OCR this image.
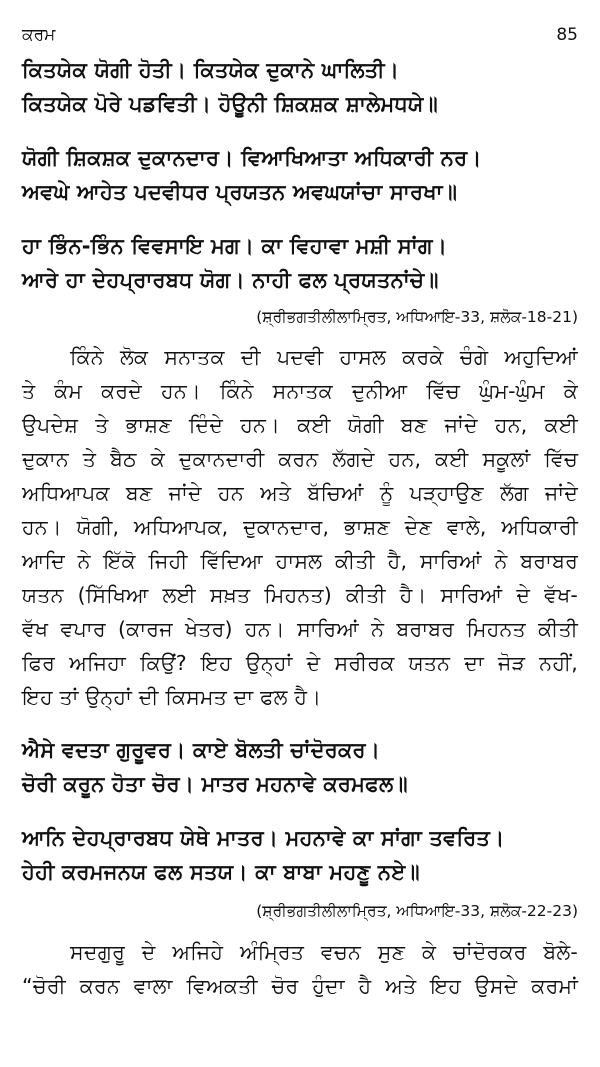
ਕਰਮ	85
ਕਿਤਯੇਕ ਯੋਗੀ ਹੋਤੀ। ਕਿਤਯੇਕ ਦੁਕਾਨੇ ਘਾਲਿਤੀ।
ਕਿਤਯੇਕ ਪੋਰੇ ਪਡਵਿਤੀ। ਹੋਊਨੀ ਸ਼ਿਕਸ਼ਕ ਸ਼ਾਲੇਮਧਯੇ॥
ਯੋਗੀ ਸ਼ਿਕਸ਼ਕ ਦੁਕਾਨਦਾਰ। ਵਿਆਖਿਆਤਾ ਅਧਿਕਾਰੀ ਨਰ।
ਅਵਘੇ ਆਹੇਤ ਪਦਵੀਧਰ ਪ੍ਰਯਤਨ ਅਵਘਯਾਂਚਾ ਸਾਰਖਾ॥
ਹਾ ਭਿੰਨ-ਭਿੰਨ ਵਿਵਸਾਇ ਮਗ। ਕਾ ਵਿਹਾਵਾ ਮਸ਼ੀ ਸਾਂਗ।
ਆਰੇ ਹਾ ਦੇਹਪ੍ਰਾਰਬਧ ਯੋਗ। ਨਾਹੀ ਫਲ ਪ੍ਰਯਤਨਾਂਚੇ॥
(ਸ਼੍ਰੀਭਗਤੀਲੀਲਾਮ੍ਰਿਤ, ਅਧਿਆਇ-33, ਸ਼ਲੋਕ-18-21)
ਕਿੰਨੇ ਲੋਕ ਸਨਾਤਕ ਦੀ ਪਦਵੀ ਹਾਸਲ ਕਰਕੇ ਚੰਗੇ ਅਹੁਦਿਆਂ
ਤੇ ਕੰਮ ਕਰਦੇ ਹਨ। ਕਿੰਨੇ ਸਨਾਤਕ ਦੁਨੀਆ ਵਿੱਚ ਘੁੰਮ-ਘੁੰਮ ਕੇ
ਉਪਦੇਸ਼ ਤੇ ਭਾਸ਼ਣ ਦਿੰਦੇ ਹਨ। ਕਈ ਯੋਗੀ ਬਣ ਜਾਂਦੇ ਹਨ, ਕਈ
ਦੁਕਾਨ ਤੇ ਬੈਠ ਕੇ ਦੁਕਾਨਦਾਰੀ ਕਰਨ ਲੱਗਦੇ ਹਨ, ਕਈ ਸਕੂਲਾਂ ਵਿੱਚ
ਅਧਿਆਪਕ ਬਣ ਜਾਂਦੇ ਹਨ ਅਤੇ ਬੱਚਿਆਂ ਨੂੰ ਪੜ੍ਹਾਉਣ ਲੱਗ ਜਾਂਦੇ
ਹਨ। ਯੋਗੀ, ਅਧਿਆਪਕ, ਦੁਕਾਨਦਾਰ, ਭਾਸ਼ਣ ਦੇਣ ਵਾਲੇ, ਅਧਿਕਾਰੀ
ਆਦਿ ਨੇ ਇੱਕੋ ਜਿਹੀ ਵਿੱਦਿਆ ਹਾਸਲ ਕੀਤੀ ਹੈ, ਸਾਰਿਆਂ ਨੇ ਬਰਾਬਰ
ਯਤਨ (ਸਿੱਖਿਆ ਲਈ ਸਖ਼ਤ ਮਿਹਨਤ) ਕੀਤੀ ਹੈ। ਸਾਰਿਆਂ ਦੇ ਵੱਖ-
ਵੱਖ ਵਪਾਰ (ਕਾਰਜ ਖੇਤਰ) ਹਨ। ਸਾਰਿਆਂ ਨੇ ਬਰਾਬਰ ਮਿਹਨਤ ਕੀਤੀ
ਫਿਰ ਅਜਿਹਾ ਕਿਉਂ? ਇਹ ਉਨ੍ਹਾਂ ਦੇ ਸਰੀਰਕ ਯਤਨ ਦਾ ਜੋੜ ਨਹੀਂ,
ਇਹ ਤਾਂ ਉਨ੍ਹਾਂ ਦੀ ਕਿਸਮਤ ਦਾ ਫਲ ਹੈ।
ਐਸੇ ਵਦਤਾ ਗੁਰੂਵਰ। ਕਾਏ ਬੋਲਤੀ ਚਾਂਦੋਰਕਰ।
ਚੋਰੀ ਕਰੂਨ ਹੋਤਾ ਚੋਰ। ਮਾਤਰ ਮਹਨਾਵੇ ਕਰਮਫਲ॥
ਆਨਿ ਦੇਹਪ੍ਰਾਰਬਧ ਯੇਥੇ ਮਾਤਰ। ਮਹਨਾਵੇ ਕਾ ਸਾਂਗਾ ਤਵਰਿਤ।
ਹੇਹੀ ਕਰਮਜਨਯ ਫਲ ਸਤਯ। ਕਾ ਬਾਬਾ ਮਹਣੂ ਨਏ॥
(ਸ਼੍ਰੀਭਗਤੀਲੀਲਾਮ੍ਰਿਤ, ਅਧਿਆਇ-33, ਸ਼ਲੋਕ-22-23)
ਸਦਗੁਰੂ ਦੇ ਅਜਿਹੇ ਅੰਮ੍ਰਿਤ ਵਚਨ ਸੁਣ ਕੇ ਚਾਂਦੋਰਕਰ ਬੋਲੇ-
“ਚੋਰੀ ਕਰਨ ਵਾਲਾ ਵਿਅਕਤੀ ਚੋਰ ਹੁੰਦਾ ਹੈ ਅਤੇ ਇਹ ਉਸਦੇ ਕਰਮਾਂ
